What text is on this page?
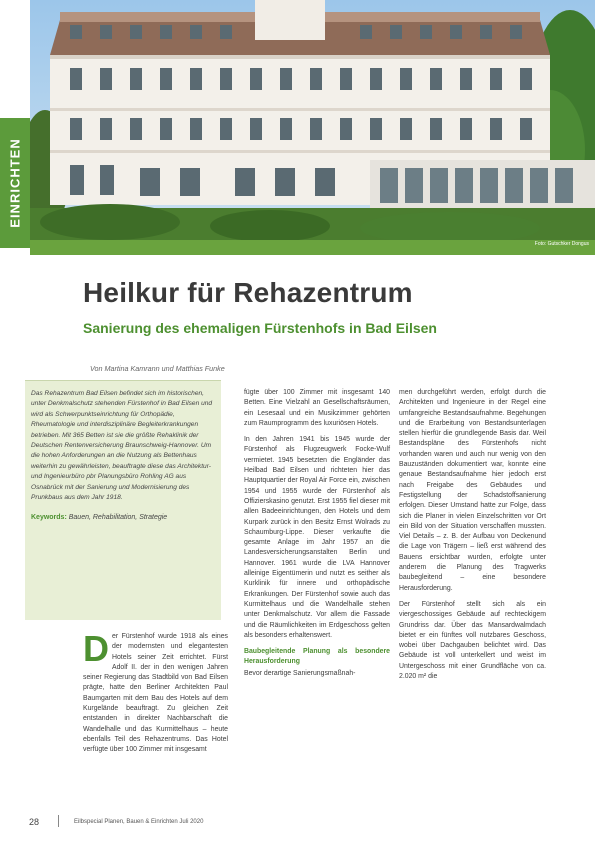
Foto: Gutschker Dongus
EINRICHTEN
Heilkur für Rehazentrum
Sanierung des ehemaligen Fürstenhofs in Bad Eilsen
Von Martina Kamrann und Matthias Funke

Das Rehazentrum Bad Eilsen befindet sich im historischen, unter Denkmalschutz stehenden Fürstenhof in Bad Eilsen und wird als Schwerpunktseinrichtung für Orthopädie, Rheumatologie und interdisziplinäre Begleiterkrankungen betrieben. Mit 365 Betten ist sie die größte Rehaklinik der Deutschen Rentenversicherung Braunschweig-Hannover. Um die hohen Anforderungen an die Nutzung als Bettenhaus weiterhin zu gewährleisten, beauftragte diese das Architektur- und Ingenieurbüro pbr Planungsbüro Rohling AG aus Osnabrück mit der Sanierung und Modernisierung des Prunkbaus aus dem Jahr 1918.

Keywords: Bauen, Rehabilitation, Strategie

Der Fürstenhof wurde 1918 als eines der modernsten und elegantesten Hotels seiner Zeit errichtet. Fürst Adolf II. der in den wenigen Jahren seiner Regierung das Stadtbild von Bad Eilsen prägte, hatte den Berliner Architekten Paul Baumgarten mit dem Bau des Hotels auf dem Kurgelände beauftragt. Zu gleichen Zeit entstanden in direkter Nachbarschaft die Wandelhalle und das Kurmittelhaus – heute ebenfalls Teil des Rehazentrums. Das Hotel verfügte über 100 Zimmer mit insgesamt

fügte über 100 Zimmer mit insgesamt 140 Betten. Eine Vielzahl an Gesellschaftsräumen, ein Lesesaal und ein Musikzimmer gehörten zum Raumprogramm des luxuriösen Hotels.

In den Jahren 1941 bis 1945 wurde der Fürstenhof als Flugzeugwerk Focke-Wulf vermietet. 1945 besetzten die Engländer das Heilbad Bad Eilsen und richteten hier das Hauptquartier der Royal Air Force ein, zwischen 1954 und 1955 wurde der Fürstenhof als Offizierskasino genutzt. Erst 1955 fiel dieser mit allen Badeeinrichtungen, den Hotels und dem Kurpark zurück in den Besitz Ernst Wolrads zu Schaumburg-Lippe. Dieser verkaufte die gesamte Anlage im Jahr 1957 an die Landesversicherungsanstalten Berlin und Hannover. 1961 wurde die LVA Hannover alleinige Eigentümerin und nutzt es seither als Kurklinik für innere und orthopädische Erkrankungen. Der Fürstenhof sowie auch das Kurmittelhaus und die Wandelhalle stehen unter Denkmalschutz. Vor allem die Fassade und die Räumlichkeiten im Erdgeschoss gelten als besonders erhaltenswert.

Baubegleitende Planung als besondere Herausforderung

Bevor derartige Sanierungsmaßnah-

men durchgeführt werden, erfolgt durch die Architekten und Ingenieure in der Regel eine umfangreiche Bestandsaufnahme. Begehungen und die Erarbeitung von Bestandsunterlagen stellen hierfür die grundlegende Basis dar. Weil Bestandspläne des Fürstenhofs nicht vorhanden waren und auch nur wenig von den Bauzuständen dokumentiert war, konnte eine genaue Bestandsaufnahme hier jedoch erst nach Freigabe des Gebäudes und Festigstellung der Schadstoffsanierung erfolgen. Dieser Umstand hatte zur Folge, dass sich die Planer in vielen Einzelschritten vor Ort ein Bild von der Situation verschaffen mussten. Viel Details – z. B. der Aufbau von Deckenund die Lage von Trägern – ließ erst während des Bauens ersichtbar wurden, erfolgte unter anderem die Planung des Tragwerks baubegleitend – eine besondere Herausforderung.

Der Fürstenhof stellt sich als ein viergeschossiges Gebäude auf rechteckigem Grundriss dar. Über das Mansardwalmdach bietet er ein fünftes voll nutzbares Geschoss, wobei über Dachgauben belichtet wird. Das Gebäude ist voll unterkellert und weist im Untergeschoss mit einer Grundfläche von ca. 2.020 m² die

28	Eilbspecial Planen, Bauen & Einrichten Juli 2020
